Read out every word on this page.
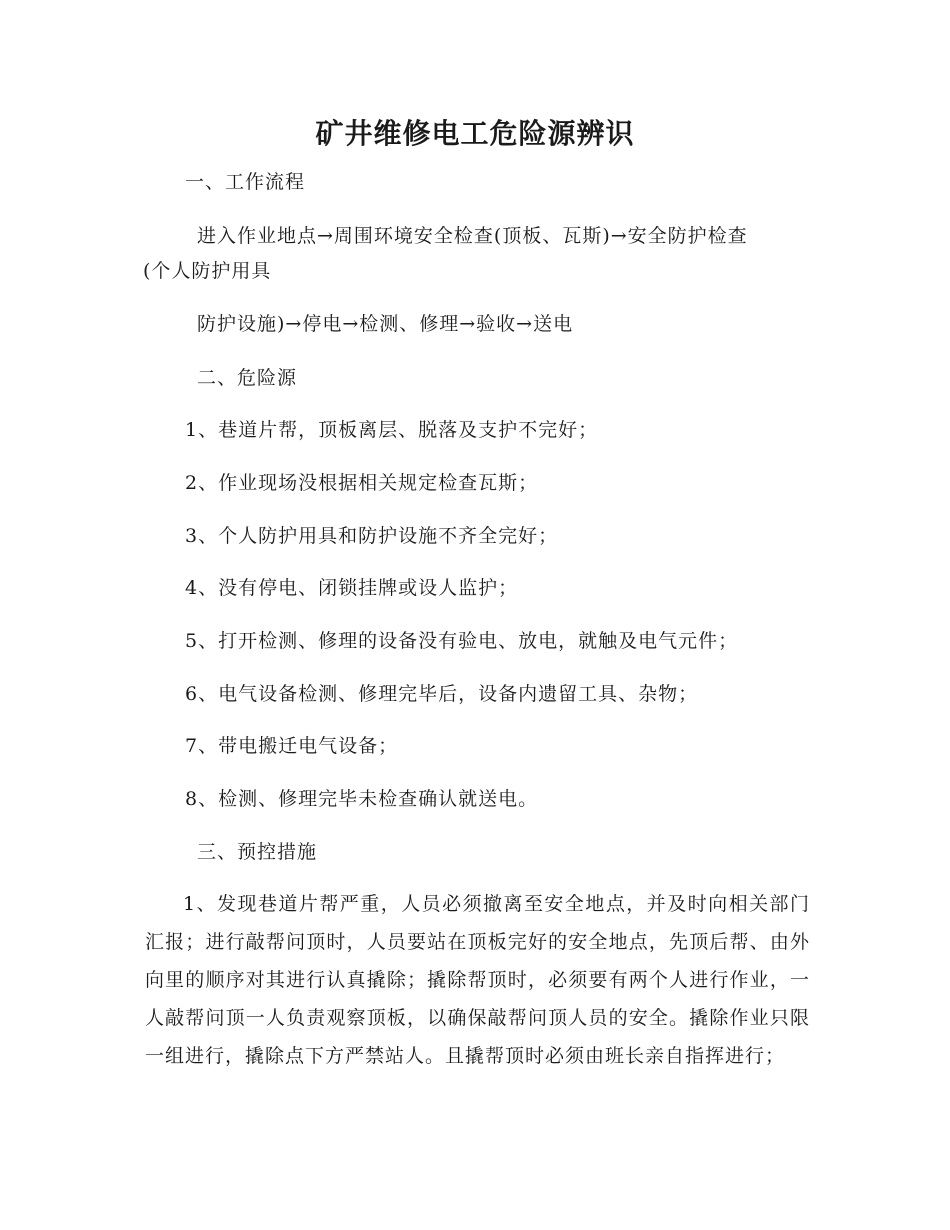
矿井维修电工危险源辨识
一、工作流程
进入作业地点→周围环境安全检查(顶板、瓦斯)→安全防护检查
(个人防护用具
防护设施)→停电→检测、修理→验收→送电
二、危险源
1、巷道片帮，顶板离层、脱落及支护不完好；
2、作业现场没根据相关规定检查瓦斯；
3、个人防护用具和防护设施不齐全完好；
4、没有停电、闭锁挂牌或设人监护；
5、打开检测、修理的设备没有验电、放电，就触及电气元件；
6、电气设备检测、修理完毕后，设备内遗留工具、杂物；
7、带电搬迁电气设备；
8、检测、修理完毕未检查确认就送电。
三、预控措施
1、发现巷道片帮严重，人员必须撤离至安全地点，并及时向相关部门汇报；进行敲帮问顶时，人员要站在顶板完好的安全地点，先顶后帮、由外向里的顺序对其进行认真撬除；撬除帮顶时，必须要有两个人进行作业，一人敲帮问顶一人负责观察顶板，以确保敲帮问顶人员的安全。撬除作业只限一组进行，撬除点下方严禁站人。且撬帮顶时必须由班长亲自指挥进行；
